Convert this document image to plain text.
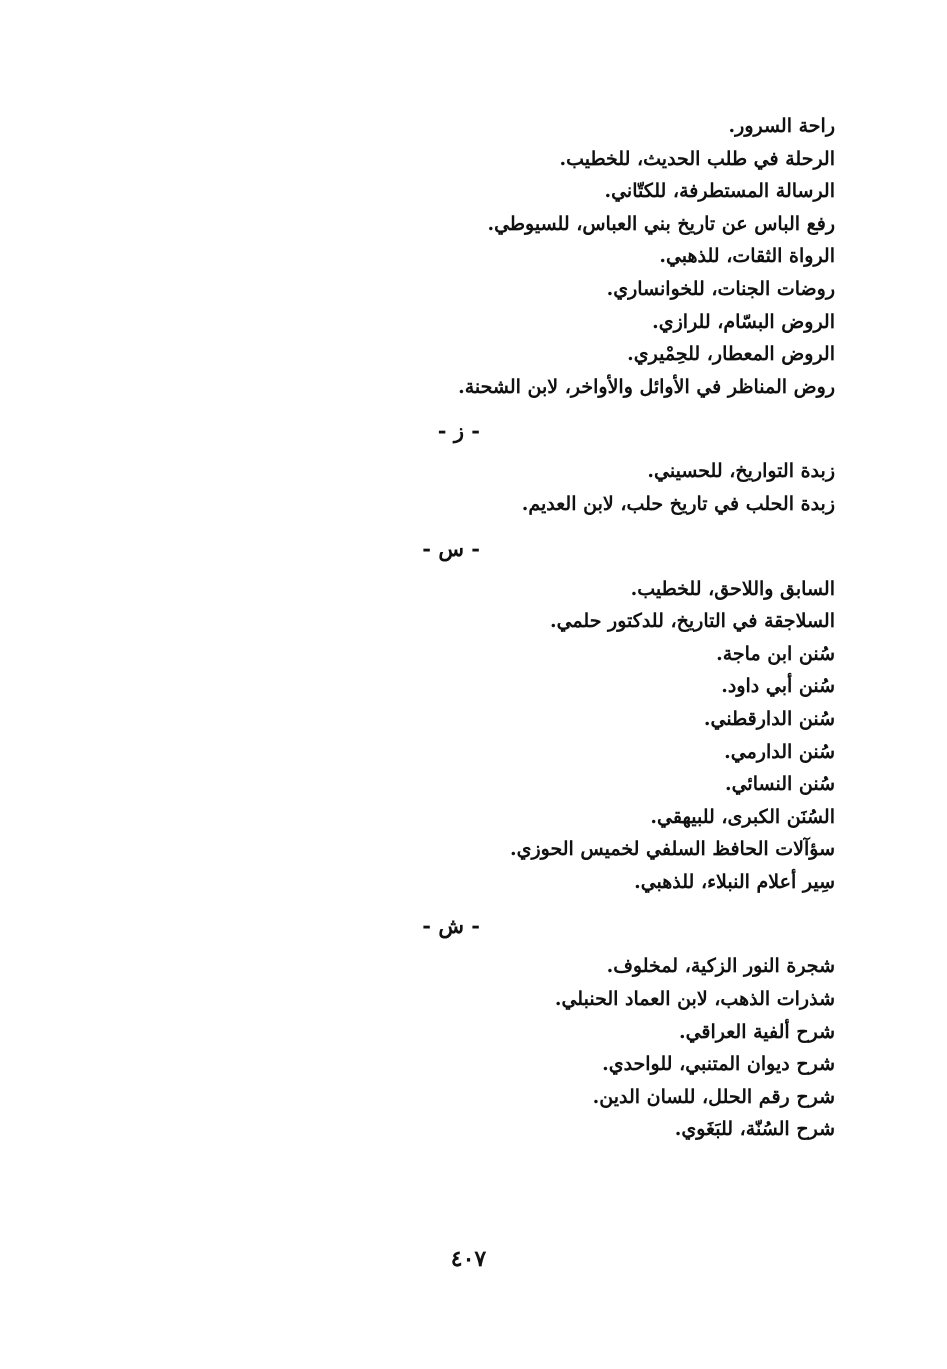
راحة السرور.
الرحلة في طلب الحديث، للخطيب.
الرسالة المستطرفة، للكتّاني.
رفع الباس عن تاريخ بني العباس، للسيوطي.
الرواة الثقات، للذهبي.
روضات الجنات، للخوانساري.
الروض البسّام، للرازي.
الروض المعطار، للحِمْيري.
روض المناظر في الأوائل والأواخر، لابن الشحنة.
- ز -
زبدة التواريخ، للحسيني.
زبدة الحلب في تاريخ حلب، لابن العديم.
- س -
السابق واللاحق، للخطيب.
السلاجقة في التاريخ، للدكتور حلمي.
سُنن ابن ماجة.
سُنن أبي داود.
سُنن الدارقطني.
سُنن الدارمي.
سُنن النسائي.
السُنَن الكبرى، للبيهقي.
سؤآلات الحافظ السلفي لخميس الحوزي.
سِير أعلام النبلاء، للذهبي.
- ش -
شجرة النور الزكية، لمخلوف.
شذرات الذهب، لابن العماد الحنبلي.
شرح ألفية العراقي.
شرح ديوان المتنبي، للواحدي.
شرح رقم الحلل، للسان الدين.
شرح السُنّة، للبَغَوي.
٤٠٧
